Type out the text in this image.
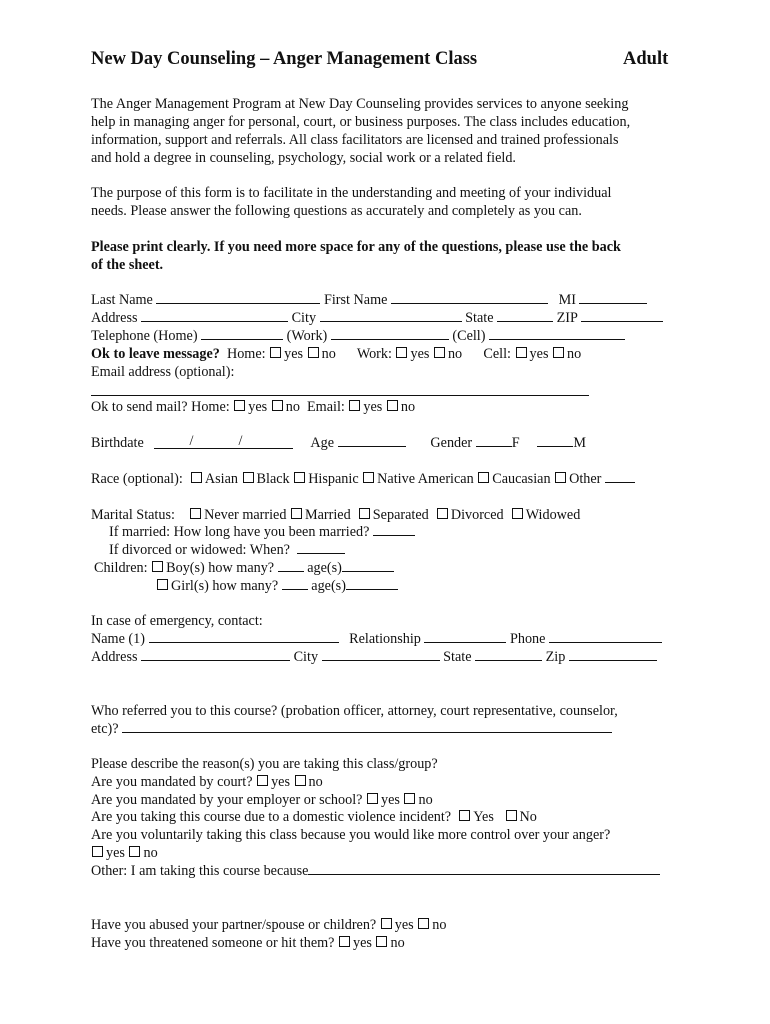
New Day Counseling – Anger Management Class	Adult
The Anger Management Program at New Day Counseling provides services to anyone seeking
help in managing anger for personal, court, or business purposes. The class includes education,
information, support and referrals. All class facilitators are licensed and trained professionals
and hold a degree in counseling, psychology, social work or a related field.
The purpose of this form is to facilitate in the understanding and meeting of your individual
needs. Please answer the following questions as accurately and completely as you can.
Please print clearly. If you need more space for any of the questions, please use the back
of the sheet.
Last Name	First Name	MI
Address	City	State	ZIP
Telephone (Home)	(Work)	(Cell)
Ok to leave message? Home: yes no Work: yes no Cell: yes no
Email address (optional):
Ok to send mail? Home: yes no Email: yes no
Birthdate	/	/	Age	Gender	F	M
Race (optional): Asian Black Hispanic Native American Caucasian Other
Marital Status: Never married Married Separated Divorced Widowed
If married: How long have you been married?
If divorced or widowed: When?
Children: Boy(s) how many? age(s)
Girl(s) how many? age(s)
In case of emergency, contact:
Name (1)	Relationship	Phone
Address	City	State	Zip
Who referred you to this course? (probation officer, attorney, court representative, counselor,
etc)?
Please describe the reason(s) you are taking this class/group?
Are you mandated by court? yes no
Are you mandated by your employer or school? yes no
Are you taking this course due to a domestic violence incident? Yes No
Are you voluntarily taking this class because you would like more control over your anger?
yes no
Other: I am taking this course because
Have you abused your partner/spouse or children? yes no
Have you threatened someone or hit them? yes no
